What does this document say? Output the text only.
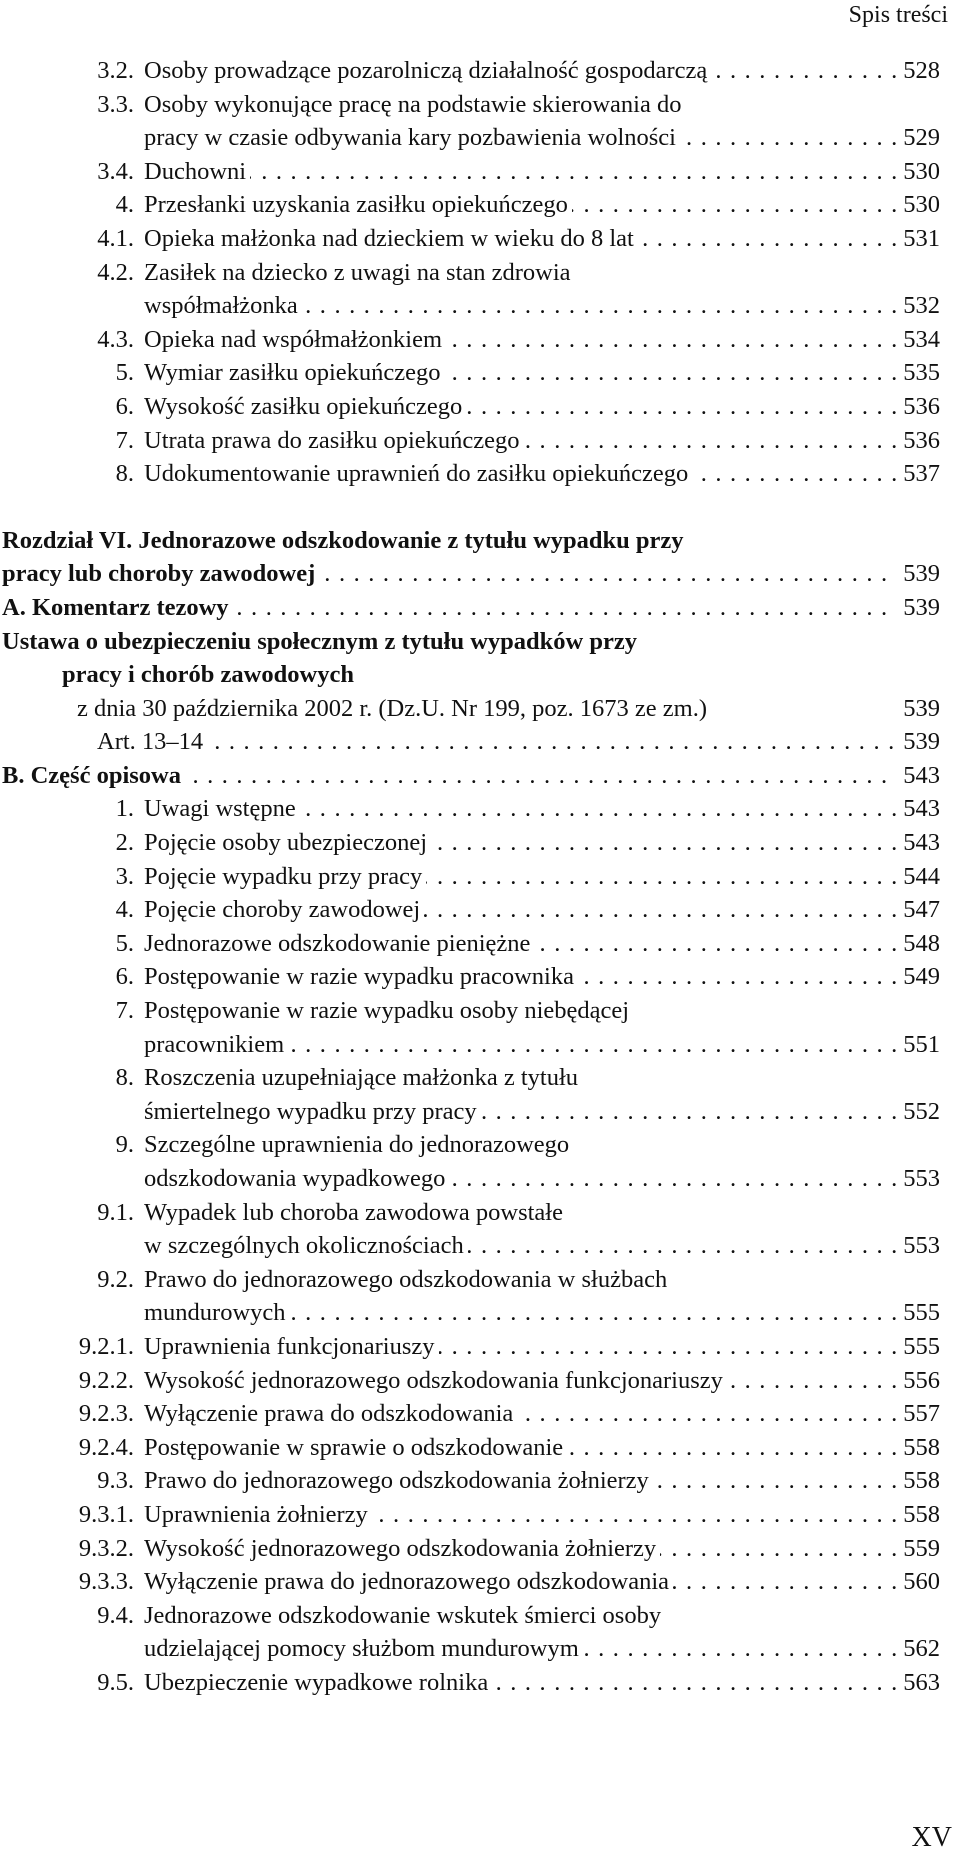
Spis treści
3.2. Osoby prowadzące pozarolniczą działalność gospodarczą	528
. . .
3.3. Osoby wykonujące pracę na podstawie skierowania do
pracy w czasie odbywania kary pozbawienia wolności	529
. . .
3.4. Duchowni	530
. . .
4. Przesłanki uzyskania zasiłku opiekuńczego	530
. . .
4.1. Opieka małżonka nad dzieckiem w wieku do 8 lat	531
. . .
4.2. Zasiłek na dziecko z uwagi na stan zdrowia
współmałżonka	532
. . .
4.3. Opieka nad współmałżonkiem	534
. . .
5. Wymiar zasiłku opiekuńczego	535
. . .
6. Wysokość zasiłku opiekuńczego	536
. . .
7. Utrata prawa do zasiłku opiekuńczego	536
. . .
8. Udokumentowanie uprawnień do zasiłku opiekuńczego	537
. . .
Rozdział VI. Jednorazowe odszkodowanie z tytułu wypadku przy
pracy lub choroby zawodowej	539
. . .
A. Komentarz tezowy	539
. . .
Ustawa o ubezpieczeniu społecznym z tytułu wypadków przy
pracy i chorób zawodowych
z dnia 30 października 2002 r. (Dz.U. Nr 199, poz. 1673 ze zm.)	539
Art. 13–14	539
. . .
B. Część opisowa	543
. . .
1. Uwagi wstępne	543
. . .
2. Pojęcie osoby ubezpieczonej	543
. . .
3. Pojęcie wypadku przy pracy	544
. . .
4. Pojęcie choroby zawodowej	547
. . .
5. Jednorazowe odszkodowanie pieniężne	548
. . .
6. Postępowanie w razie wypadku pracownika	549
. . .
7. Postępowanie w razie wypadku osoby niebędącej
pracownikiem	551
. . .
8. Roszczenia uzupełniające małżonka z tytułu
śmiertelnego wypadku przy pracy	552
. . .
9. Szczególne uprawnienia do jednorazowego
odszkodowania wypadkowego	553
. . .
9.1. Wypadek lub choroba zawodowa powstałe
w szczególnych okolicznościach	553
. . .
9.2. Prawo do jednorazowego odszkodowania w służbach
mundurowych	555
. . .
9.2.1. Uprawnienia funkcjonariuszy	555
. . .
9.2.2. Wysokość jednorazowego odszkodowania funkcjonariuszy	556
. . .
9.2.3. Wyłączenie prawa do odszkodowania	557
. . .
9.2.4. Postępowanie w sprawie o odszkodowanie	558
. . .
9.3. Prawo do jednorazowego odszkodowania żołnierzy	558
. . .
9.3.1. Uprawnienia żołnierzy	558
. . .
9.3.2. Wysokość jednorazowego odszkodowania żołnierzy	559
. . .
9.3.3. Wyłączenie prawa do jednorazowego odszkodowania	560
. . .
9.4. Jednorazowe odszkodowanie wskutek śmierci osoby
udzielającej pomocy służbom mundurowym	562
. . .
9.5. Ubezpieczenie wypadkowe rolnika	563
. . .
XV
